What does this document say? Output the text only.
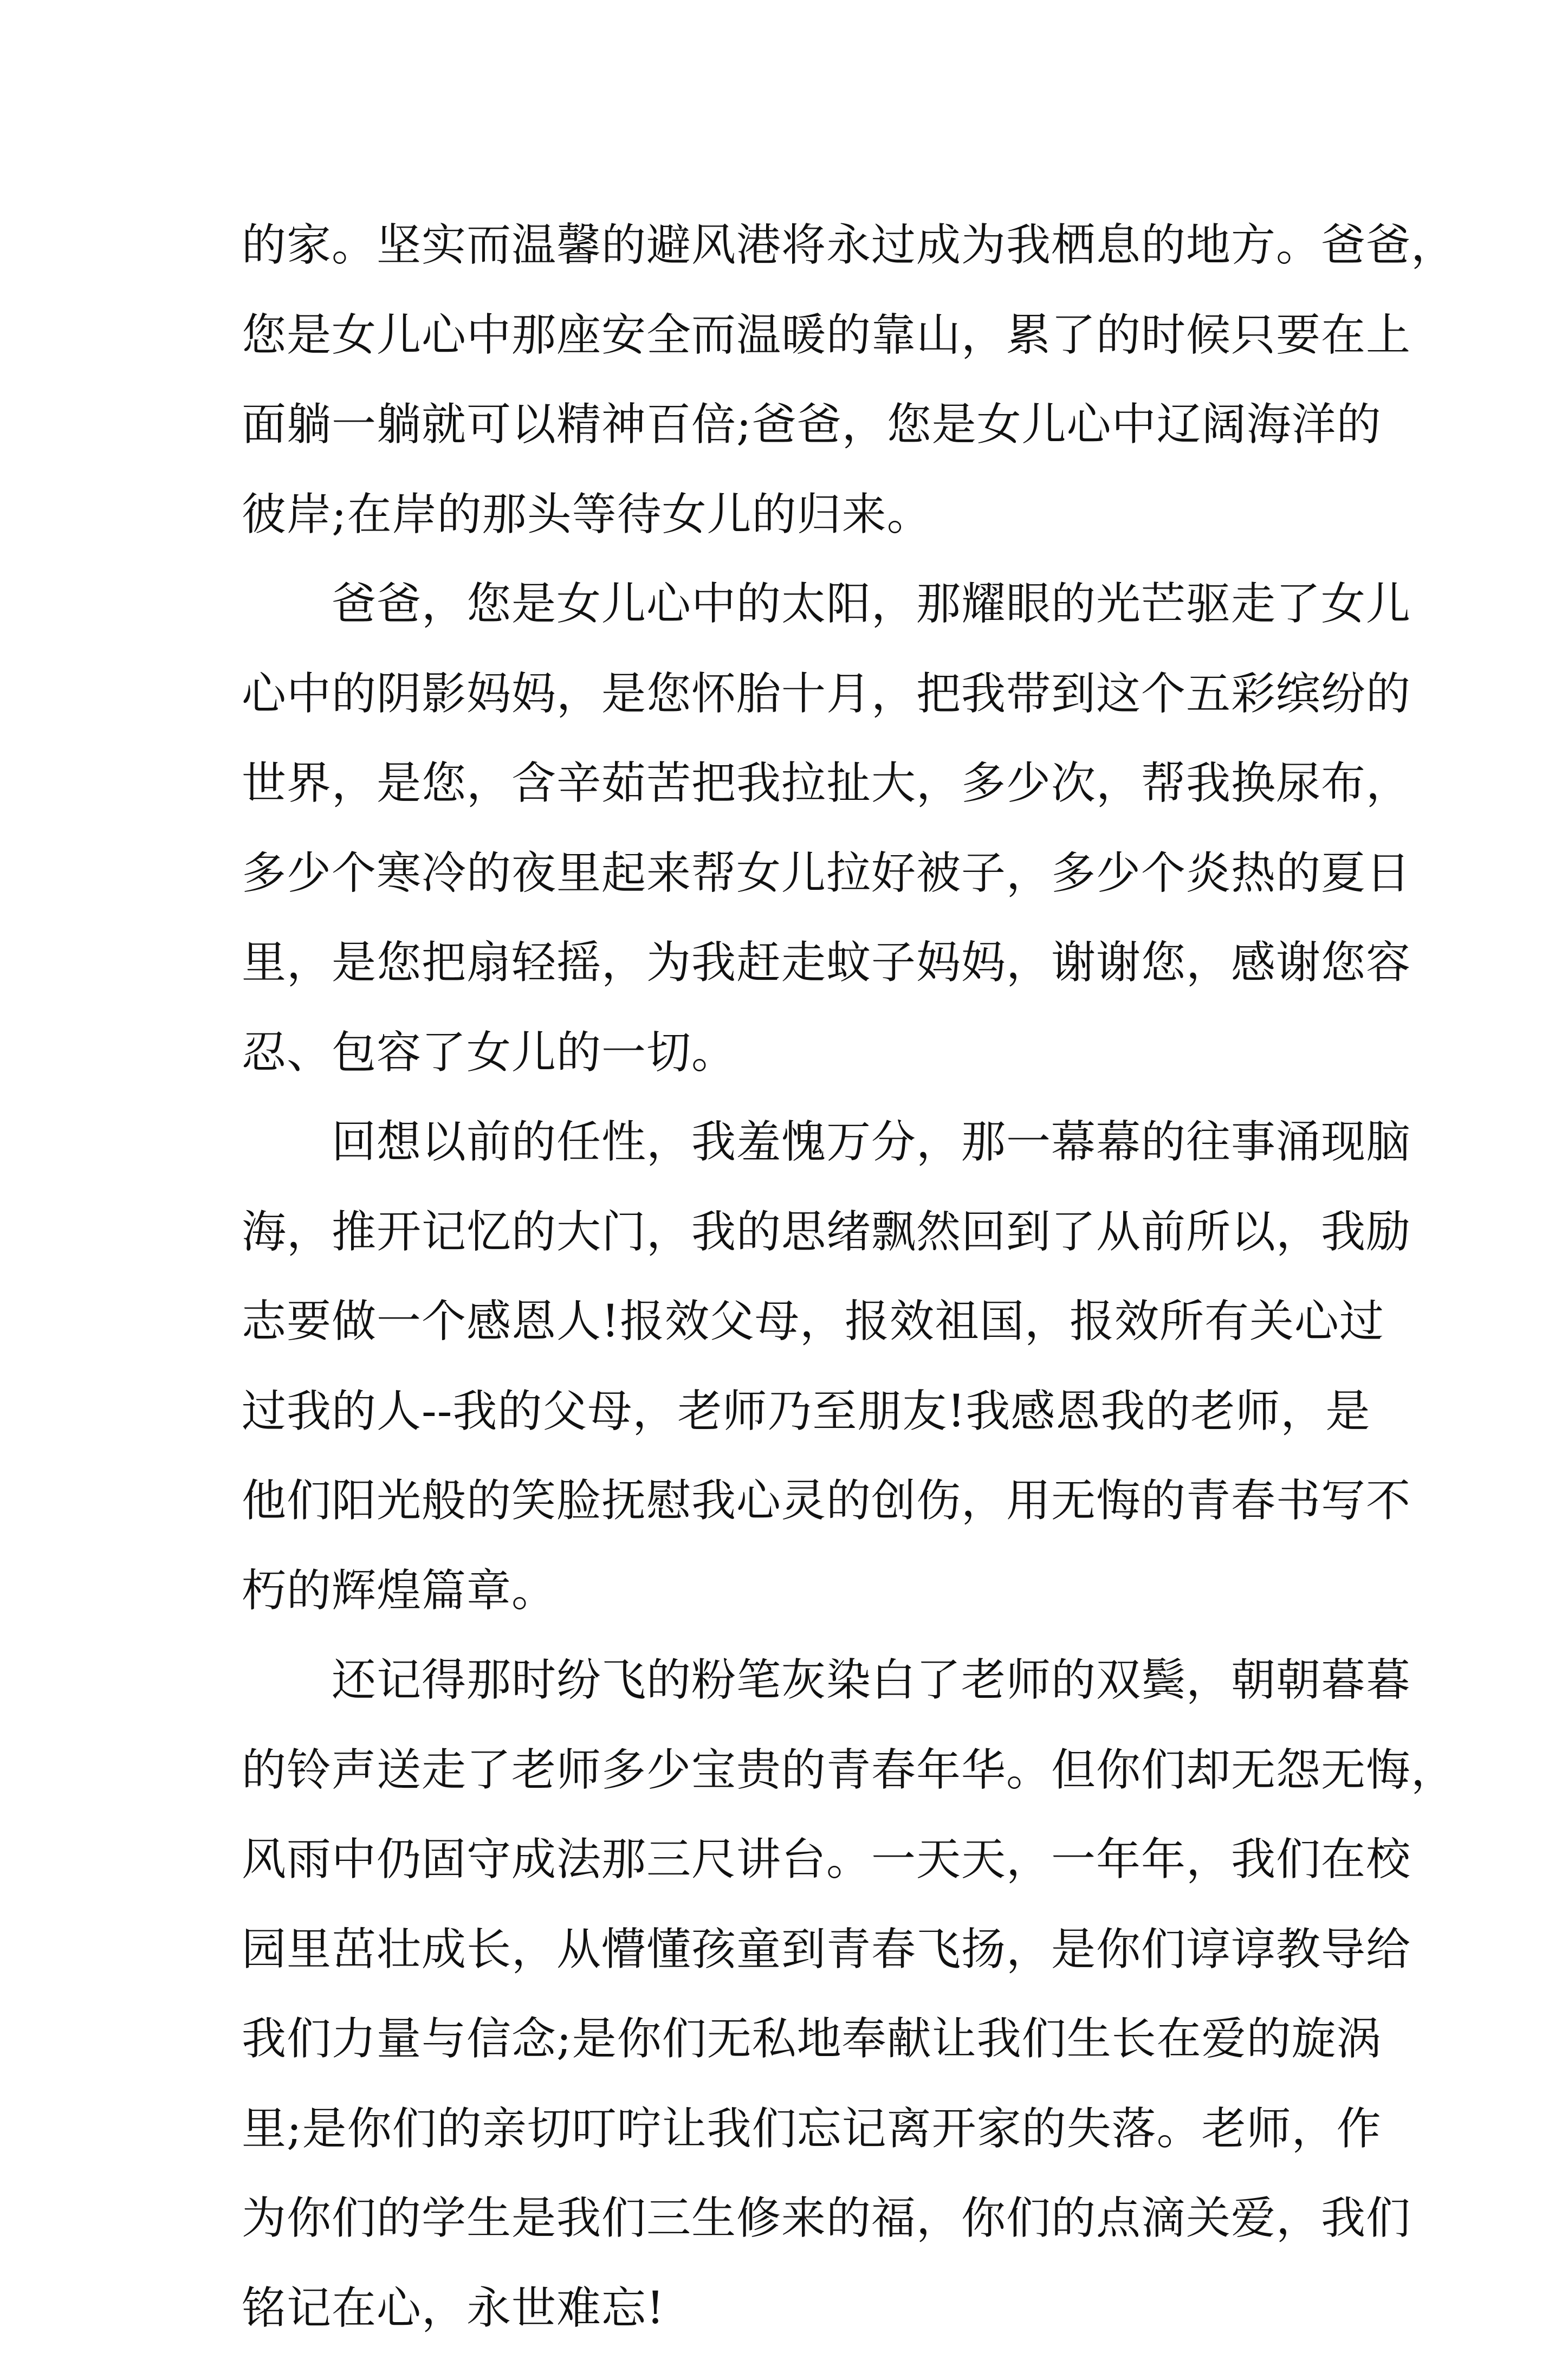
的家。坚实而温馨的避风港将永过成为我栖息的地方。爸爸，
您是女儿心中那座安全而温暖的靠山，累了的时候只要在上
面躺一躺就可以精神百倍;爸爸，您是女儿心中辽阔海洋的
彼岸;在岸的那头等待女儿的归来。
　　爸爸，您是女儿心中的太阳，那耀眼的光芒驱走了女儿
心中的阴影妈妈，是您怀胎十月，把我带到这个五彩缤纷的
世界，是您，含辛茹苦把我拉扯大，多少次，帮我换尿布，
多少个寒冷的夜里起来帮女儿拉好被子，多少个炎热的夏日
里，是您把扇轻摇，为我赶走蚊子妈妈，谢谢您，感谢您容
忍、包容了女儿的一切。
　　回想以前的任性，我羞愧万分，那一幕幕的往事涌现脑
海，推开记忆的大门，我的思绪飘然回到了从前所以，我励
志要做一个感恩人!报效父母，报效祖国，报效所有关心过
过我的人--我的父母，老师乃至朋友!我感恩我的老师，是
他们阳光般的笑脸抚慰我心灵的创伤，用无悔的青春书写不
朽的辉煌篇章。
　　还记得那时纷飞的粉笔灰染白了老师的双鬓，朝朝暮暮
的铃声送走了老师多少宝贵的青春年华。但你们却无怨无悔，
风雨中仍固守成法那三尺讲台。一天天，一年年，我们在校
园里茁壮成长，从懵懂孩童到青春飞扬，是你们谆谆教导给
我们力量与信念;是你们无私地奉献让我们生长在爱的旋涡
里;是你们的亲切叮咛让我们忘记离开家的失落。老师，作
为你们的学生是我们三生修来的福，你们的点滴关爱，我们
铭记在心，永世难忘!
